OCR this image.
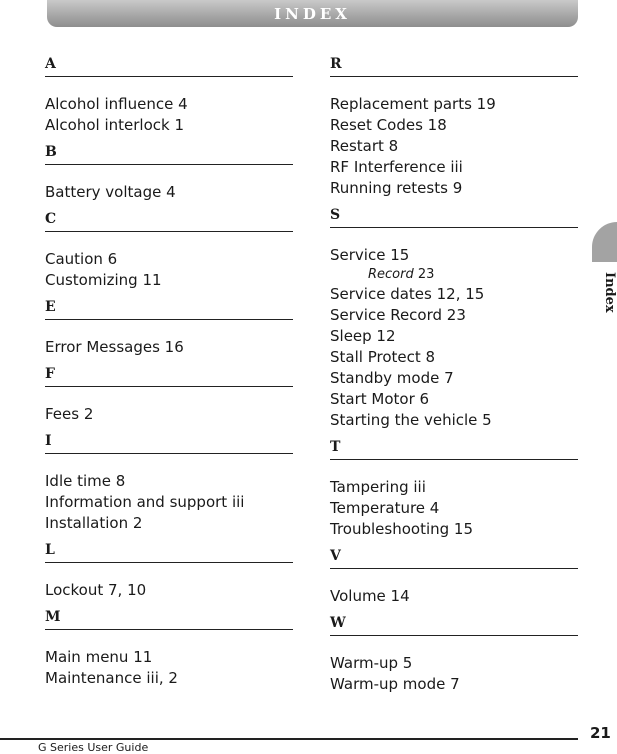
INDEX
A
Alcohol influence 4
Alcohol interlock 1
B
Battery voltage 4
C
Caution 6
Customizing 11
E
Error Messages 16
F
Fees 2
I
Idle time 8
Information and support iii
Installation 2
L
Lockout 7, 10
M
Main menu 11
Maintenance iii, 2
R
Replacement parts 19
Reset Codes 18
Restart 8
RF Interference iii
Running retests 9
S
Service 15
Record 23
Service dates 12, 15
Service Record 23
Sleep 12
Stall Protect 8
Standby mode 7
Start Motor 6
Starting the vehicle 5
T
Tampering iii
Temperature 4
Troubleshooting 15
V
Volume 14
W
Warm-up 5
Warm-up mode 7
Index
G Series User Guide
21
